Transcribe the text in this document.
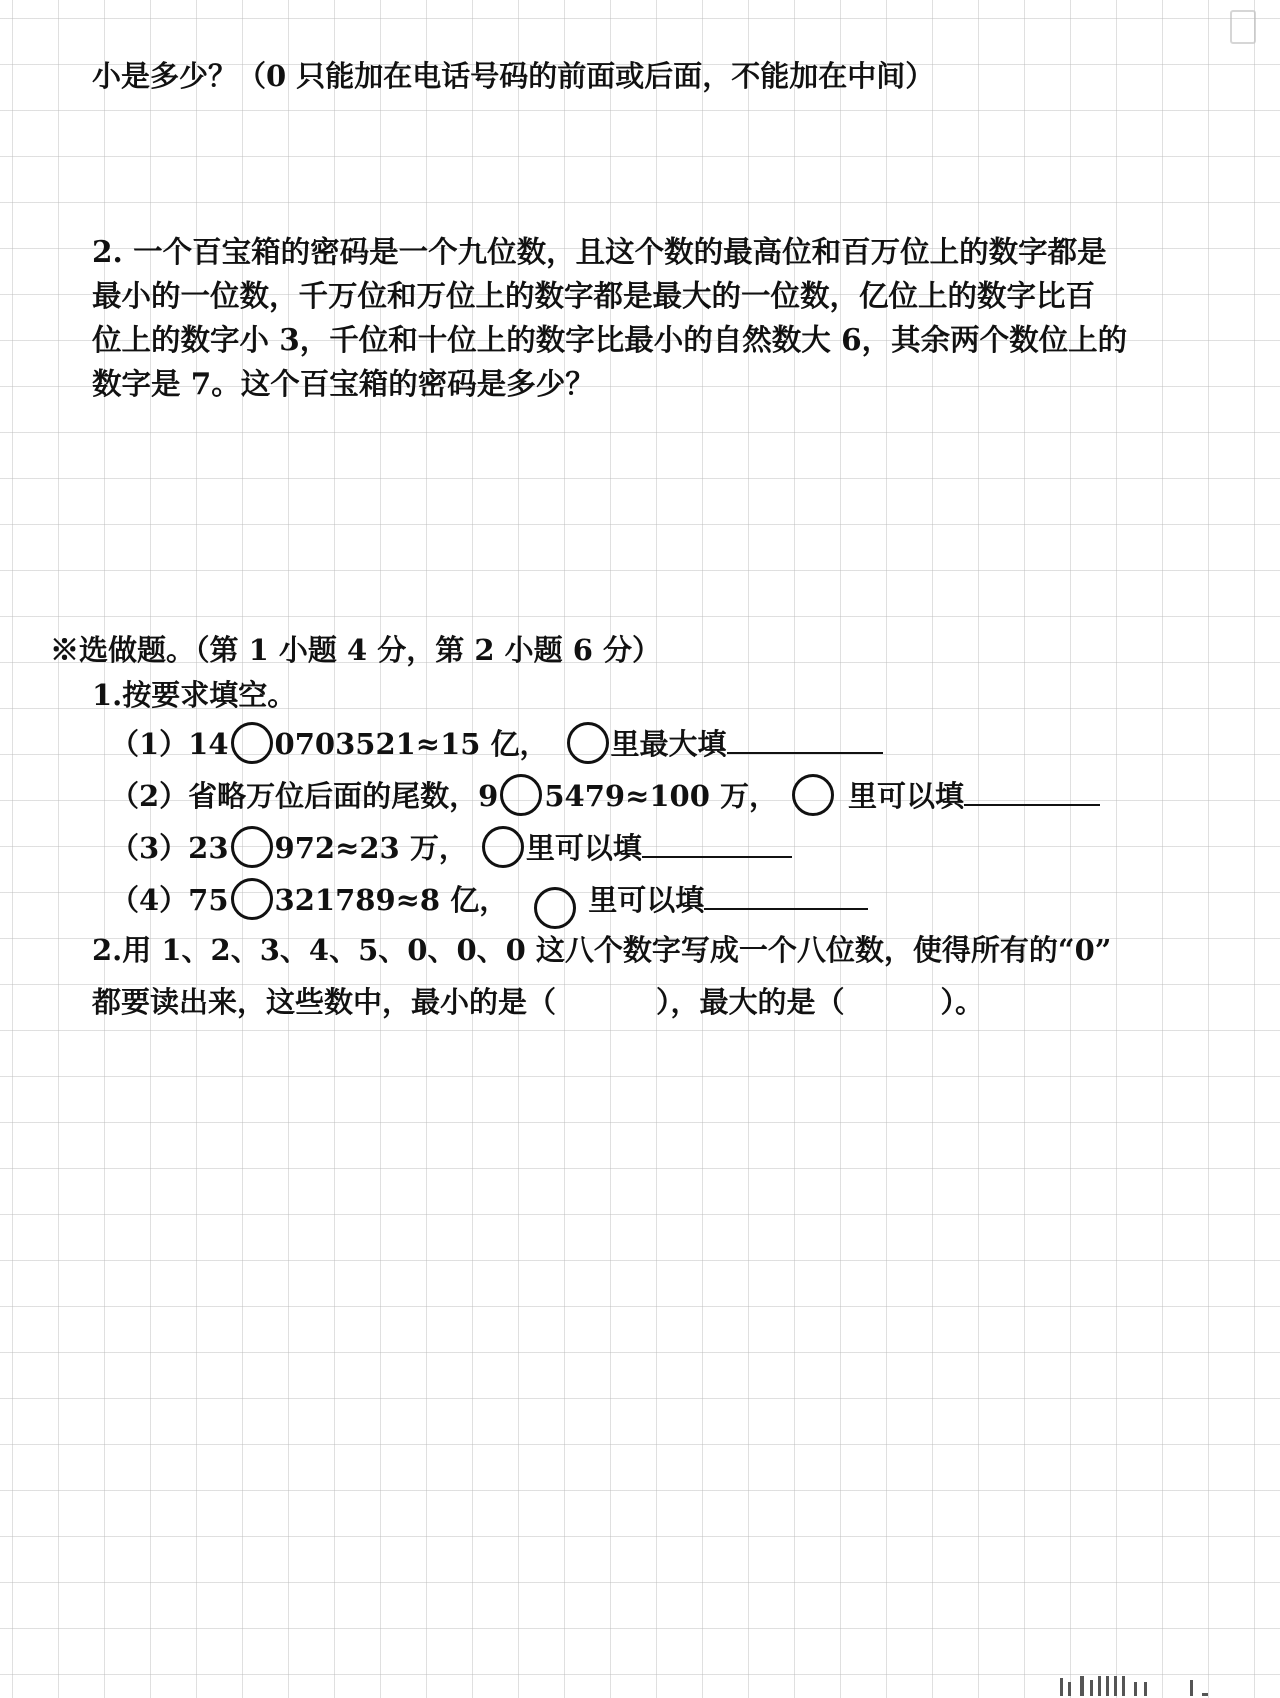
小是多少？（0 只能加在电话号码的前面或后面，不能加在中间）
2. 一个百宝箱的密码是一个九位数，且这个数的最高位和百万位上的数字都是
最小的一位数，千万位和万位上的数字都是最大的一位数，亿位上的数字比百
位上的数字小 3，千位和十位上的数字比最小的自然数大 6，其余两个数位上的
数字是 7。这个百宝箱的密码是多少？
※选做题。（第 1 小题 4 分，第 2 小题 6 分）
1.按要求填空。
（1）14 0703521≈15 亿， 里最大填
（2）省略万位后面的尾数，9 5479≈100 万， 里可以填
（3）23 972≈23 万， 里可以填
（4）75 321789≈8 亿，	里可以填
2.用 1、2、3、4、5、0、0、0 这八个数字写成一个八位数，使得所有的“0”
都要读出来，这些数中，最小的是（	），最大的是（	）。
